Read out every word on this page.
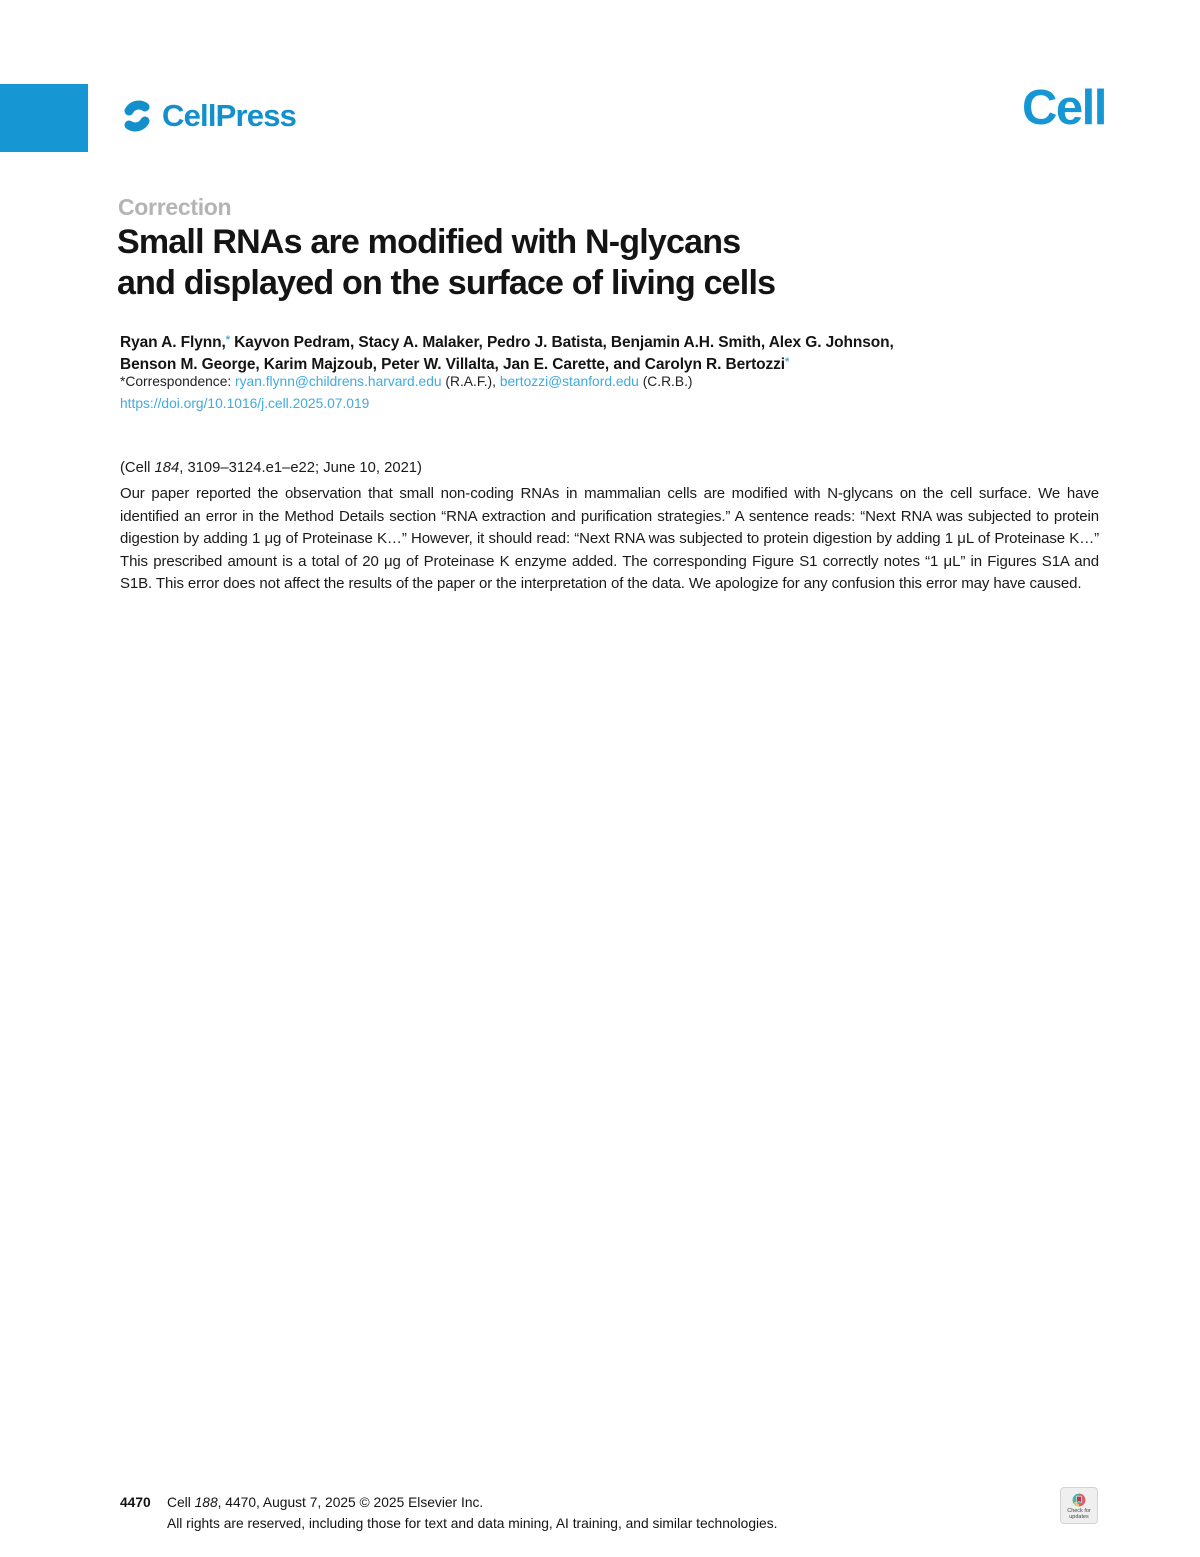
CellPress	Cell
Correction
Small RNAs are modified with N-glycans
and displayed on the surface of living cells
Ryan A. Flynn,* Kayvon Pedram, Stacy A. Malaker, Pedro J. Batista, Benjamin A.H. Smith, Alex G. Johnson,
Benson M. George, Karim Majzoub, Peter W. Villalta, Jan E. Carette, and Carolyn R. Bertozzi*
*Correspondence: ryan.flynn@childrens.harvard.edu (R.A.F.), bertozzi@stanford.edu (C.R.B.)
https://doi.org/10.1016/j.cell.2025.07.019
(Cell 184, 3109–3124.e1–e22; June 10, 2021)
Our paper reported the observation that small non-coding RNAs in mammalian cells are modified with N-glycans on the cell surface. We have identified an error in the Method Details section “RNA extraction and purification strategies.” A sentence reads: “Next RNA was subjected to protein digestion by adding 1 μg of Proteinase K…” However, it should read: “Next RNA was subjected to protein digestion by adding 1 μL of Proteinase K…” This prescribed amount is a total of 20 μg of Proteinase K enzyme added. The corresponding Figure S1 correctly notes “1 μL” in Figures S1A and S1B. This error does not affect the results of the paper or the interpretation of the data. We apologize for any confusion this error may have caused.
4470 Cell 188, 4470, August 7, 2025 © 2025 Elsevier Inc.
All rights are reserved, including those for text and data mining, AI training, and similar technologies.
Check for
updates
